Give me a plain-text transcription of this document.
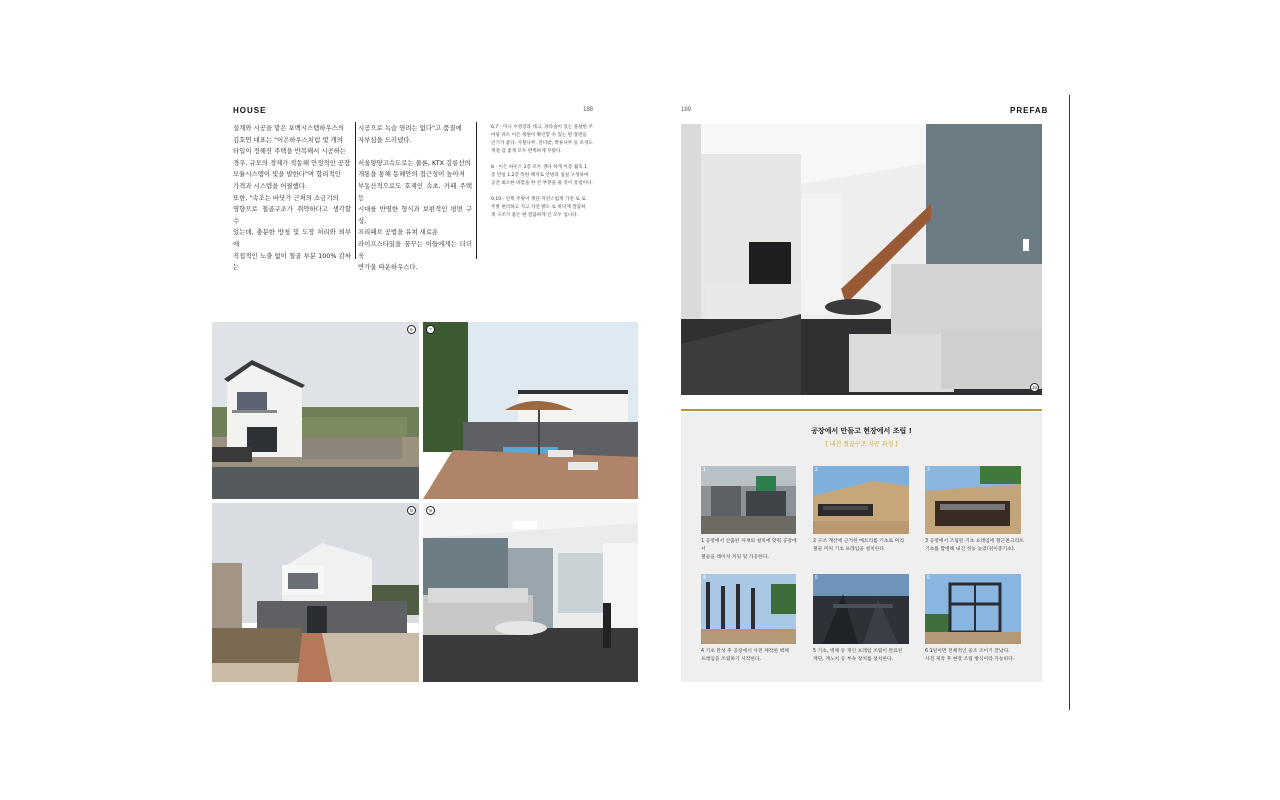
HOUSE	188
설계와 시공을 맡은 포백시스템하우스의
김호연 대표는 "이은하우스처럼 몇 개의
타입이 정해진 주택을 반복해서 시공하는
경우, 규모의 경제가 작동해 안정적인 공장
모듈시스템이 빛을 발한다"며 합리적인
가격과 시스템을 어필했다.
또한, "속조는 바닷가 근처의 소금기의
영향으로 철골구조가 취약하다고 생각할 수
있는데, 충분한 방청 및 도장 처리와 외부에
직접적인 노출 없이 철골 부분 100% 감싸는
시공으로 녹슬 염려는 없다"고 품질에
자부심을 드러냈다.

서울양양고속도로는 물론, KTX 강릉선의
개통을 통해 동해안의 접근성이 높아져
부동산적으로도 호재인 속초. 카페 주택 등
시대를 반영한 형식과 보편적인 평면 구성,
프리패브 공법을 유쳐 새로운
라이프스타일을 꿈꾸는 이들에게는 더더욱
반가울 따운하우스다.
6,7 - 미니 수영장과 데크, 파라솔이 있는 플살한 주
마당 파트 이은 정원이 확인할 수 있는 반 장면들
인기가 좋다. 사철나무, 잔디밭, 박류나무 등 조경도
계절 감 좋게 모두 완벽하게 꾸렸다.

8 - 이은 하우스 2층 모두 생다 하게 이층 월호 1
층 만일 1,2층 특한 해지로 안방과 침실 구성하여
공간 최소한 바깥을 한 안 부분을 풀 것이 강점이다.

9,10 - 안쪽 주방이 계단 자연스럽게 가전 로 로
주방 편리하고 지고 자연 밝도 로 바닥재 깔끔하
게 구조가 좋은 편 깔끔하게 인 모두 입니다.
6	7
8	9
189	PREFAB
10
공장에서 만들고 현장에서 조립 !
[ 내진 철골구조 시공 과정 ]
1
1 공장에서 산출된 자재의 설치에 맞춰 공장에서
철골을 레이저 커팅 및 가공한다.
2
2 구조 계산에 근거한 메트리를 기초로 미리
철골 미처 기초 프레임을 설치한다.
3
3 공장에서 조립된 기초 프레임에 철근콘크리트
기초를 합병해 내진 성능 높였다(이중기초).
4
4 기초 완성 후 공장에서 사전 제작한 벽체
프레임을 조립하기 시작한다.
5
5 기초, 벽체 등 개인 프레임 조립이 완료된
계단, 계노치 등 부속 장치를 설치한다.
6
6 1일이면 전체적인 골조 조이기 끝났다.
사전 제작 후 현장 조립 방식이라 가능하다.
